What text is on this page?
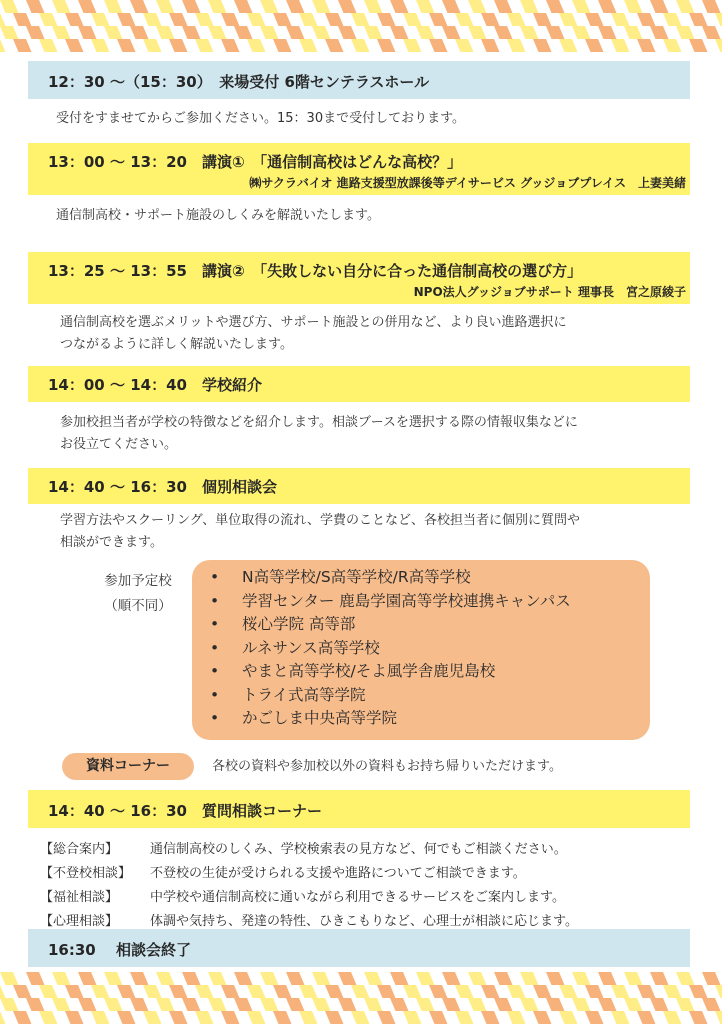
12：30 〜（15：30）　来場受付 6階センテラスホール

受付をすませてからご参加ください。15：30まで受付しております。

13：00 〜 13：20　講演①　「通信制高校はどんな高校？」
㈱サクラバイオ 進路支援型放課後等デイサービス グッジョブプレイス　上妻美緒

通信制高校・サポート施設のしくみを解説いたします。

13：25 〜 13：55　講演②　「失敗しない自分に合った通信制高校の選び方」
NPO法人グッジョブサポート 理事長　宮之原綾子
通信制高校を選ぶメリットや選び方、サポート施設との併用など、より良い進路選択に
つながるように詳しく解説いたします。
14：00 〜 14：40　学校紹介
参加校担当者が学校の特徴などを紹介します。相談ブースを選択する際の情報収集などに
お役立てください。
14：40 〜 16：30　個別相談会
学習方法やスクーリング、単位取得の流れ、学費のことなど、各校担当者に個別に質問や
相談ができます。
参加予定校
（順不同）
• N高等学校/S高等学校/R高等学校
• 学習センター 鹿島学園高等学校連携キャンパス
• 桜心学院 高等部
• ルネサンス高等学校
• やまと高等学校/そよ風学舎鹿児島校
• トライ式高等学院
• かごしま中央高等学院
資料コーナー	各校の資料や参加校以外の資料もお持ち帰りいただけます。
14：40 〜 16：30　質問相談コーナー
【総合案内】	通信制高校のしくみ、学校検索表の見方など、何でもご相談ください。
【不登校相談】	不登校の生徒が受けられる支援や進路についてご相談できます。
【福祉相談】	中学校や通信制高校に通いながら利用できるサービスをご案内します。
【心理相談】	体調や気持ち、発達の特性、ひきこもりなど、心理士が相談に応じます。
16:30　 相談会終了
